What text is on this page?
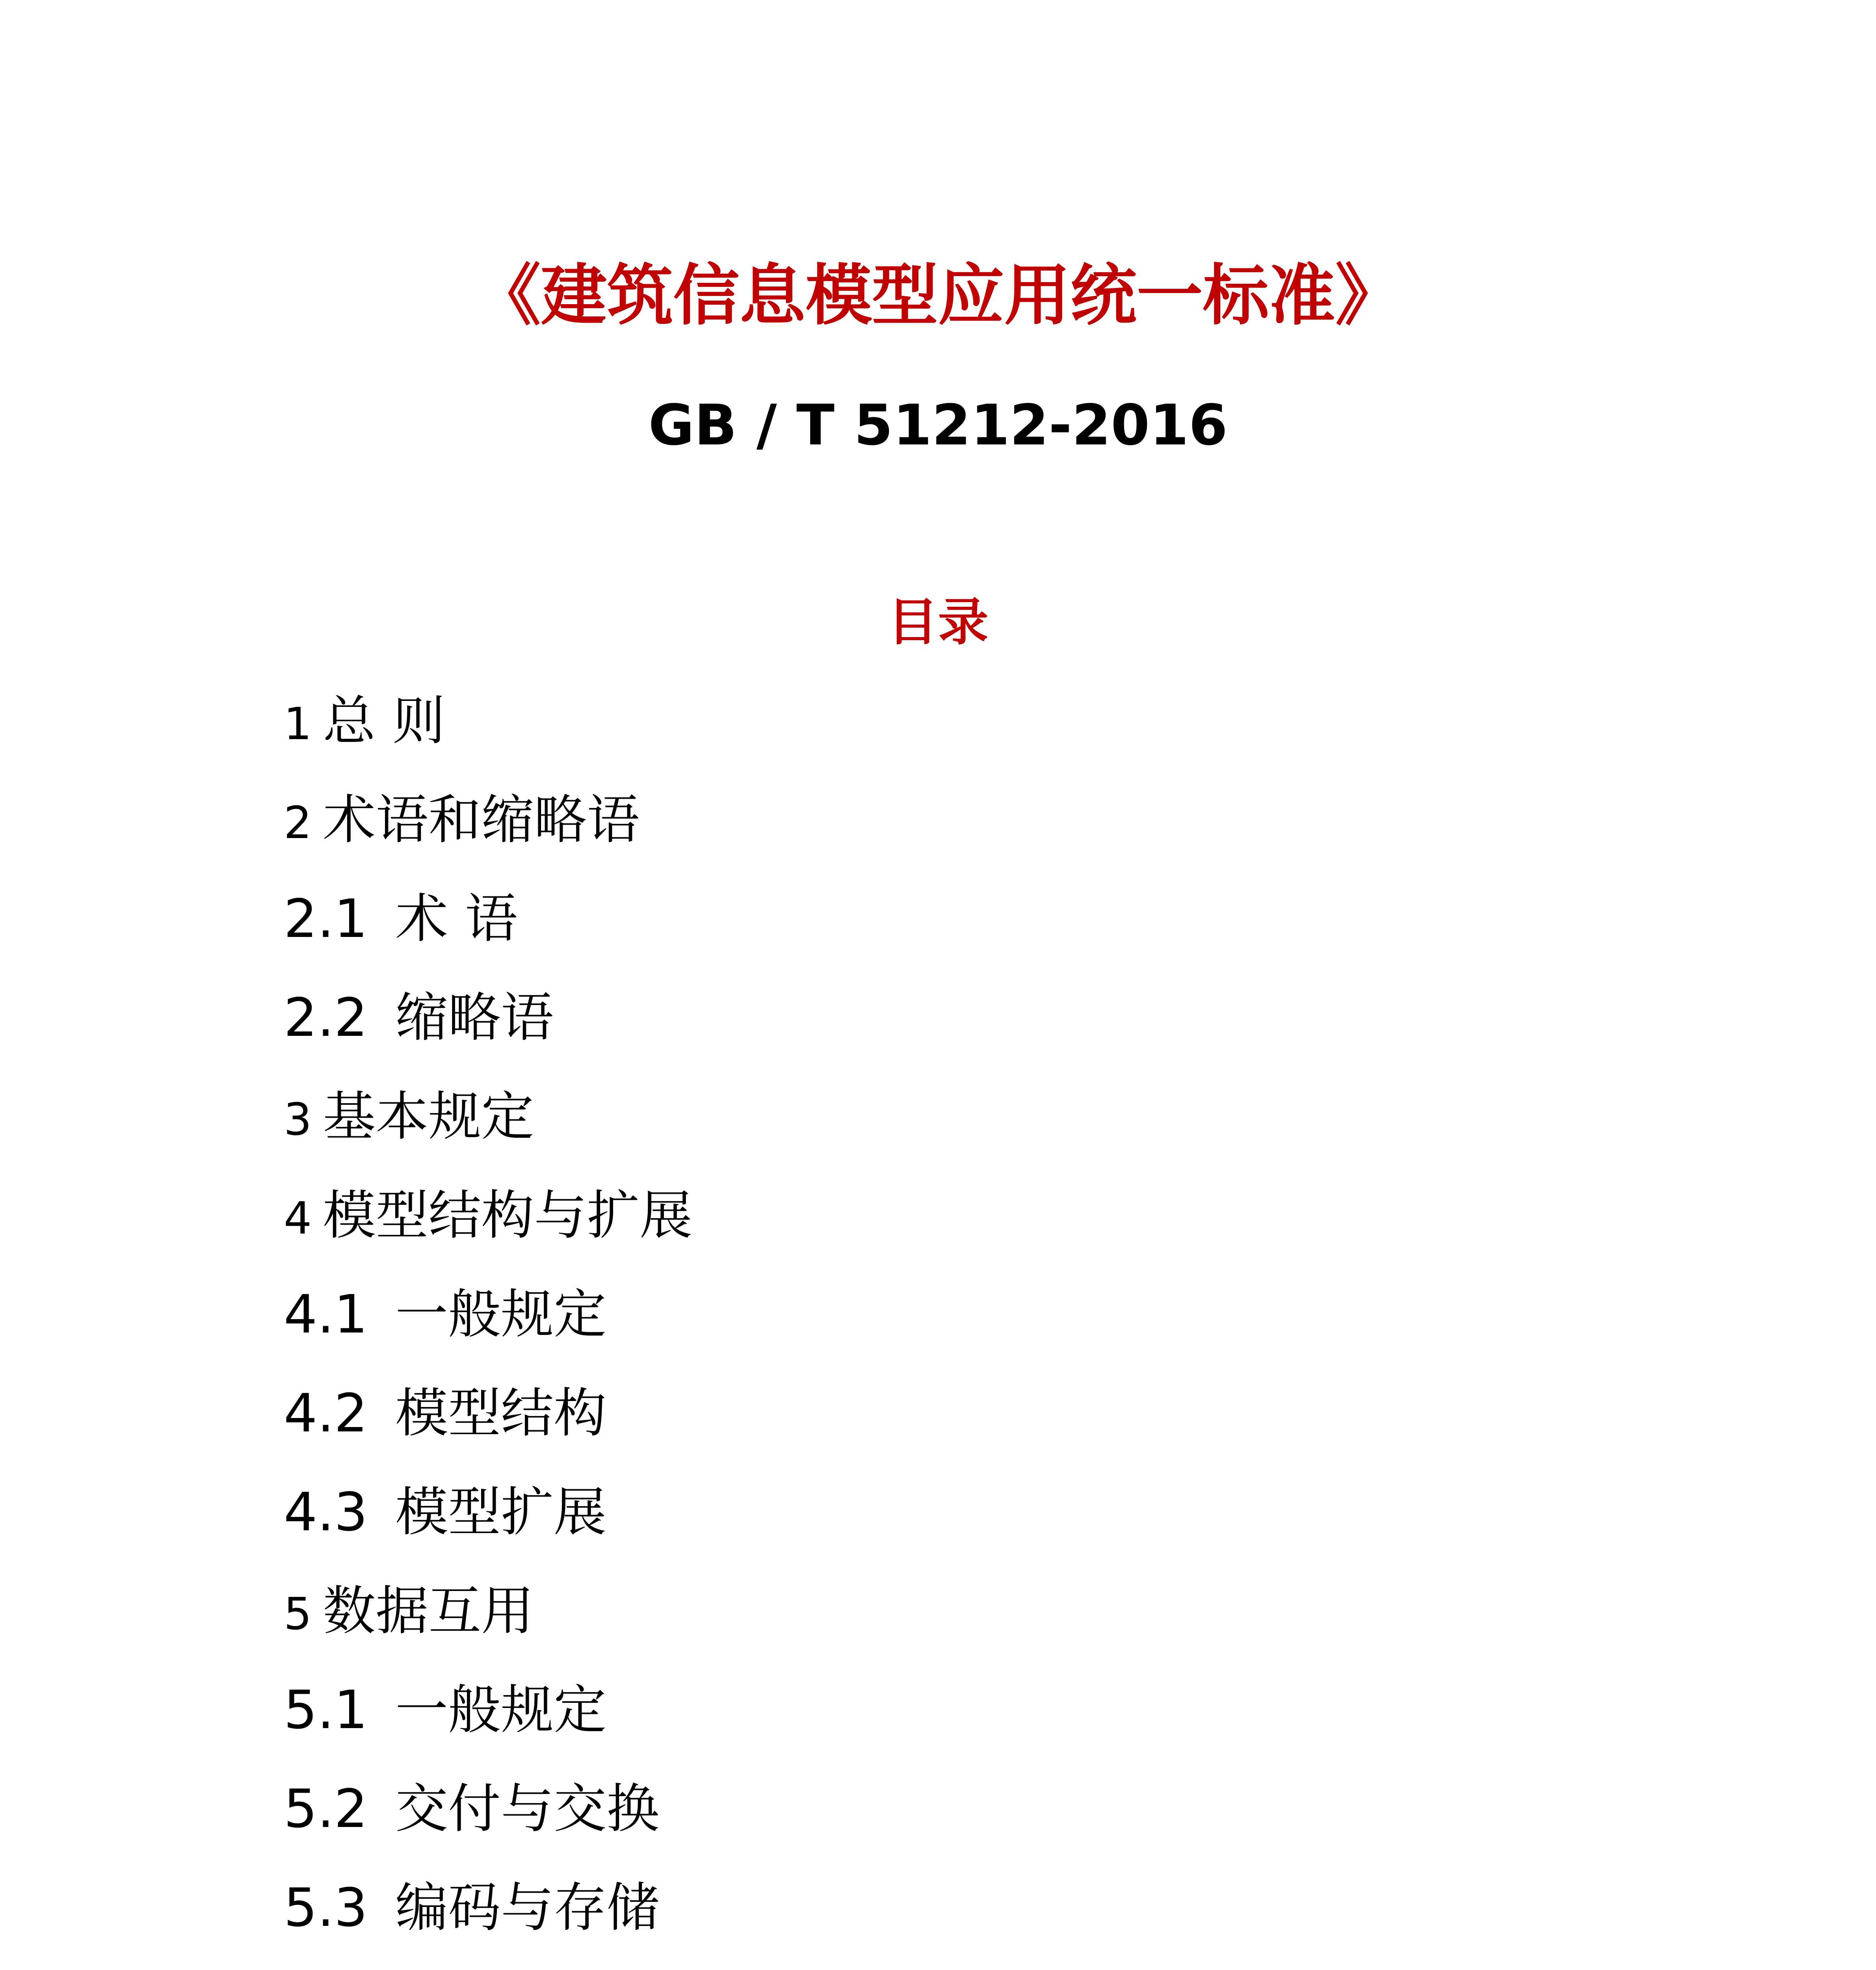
《建筑信息模型应用统一标准》
GB / T 51212-2016
目录
1 总 则
2 术语和缩略语
2.1 术 语
2.2 缩略语
3 基本规定
4 模型结构与扩展
4.1 一般规定
4.2 模型结构
4.3 模型扩展
5 数据互用
5.1 一般规定
5.2 交付与交换
5.3 编码与存储
